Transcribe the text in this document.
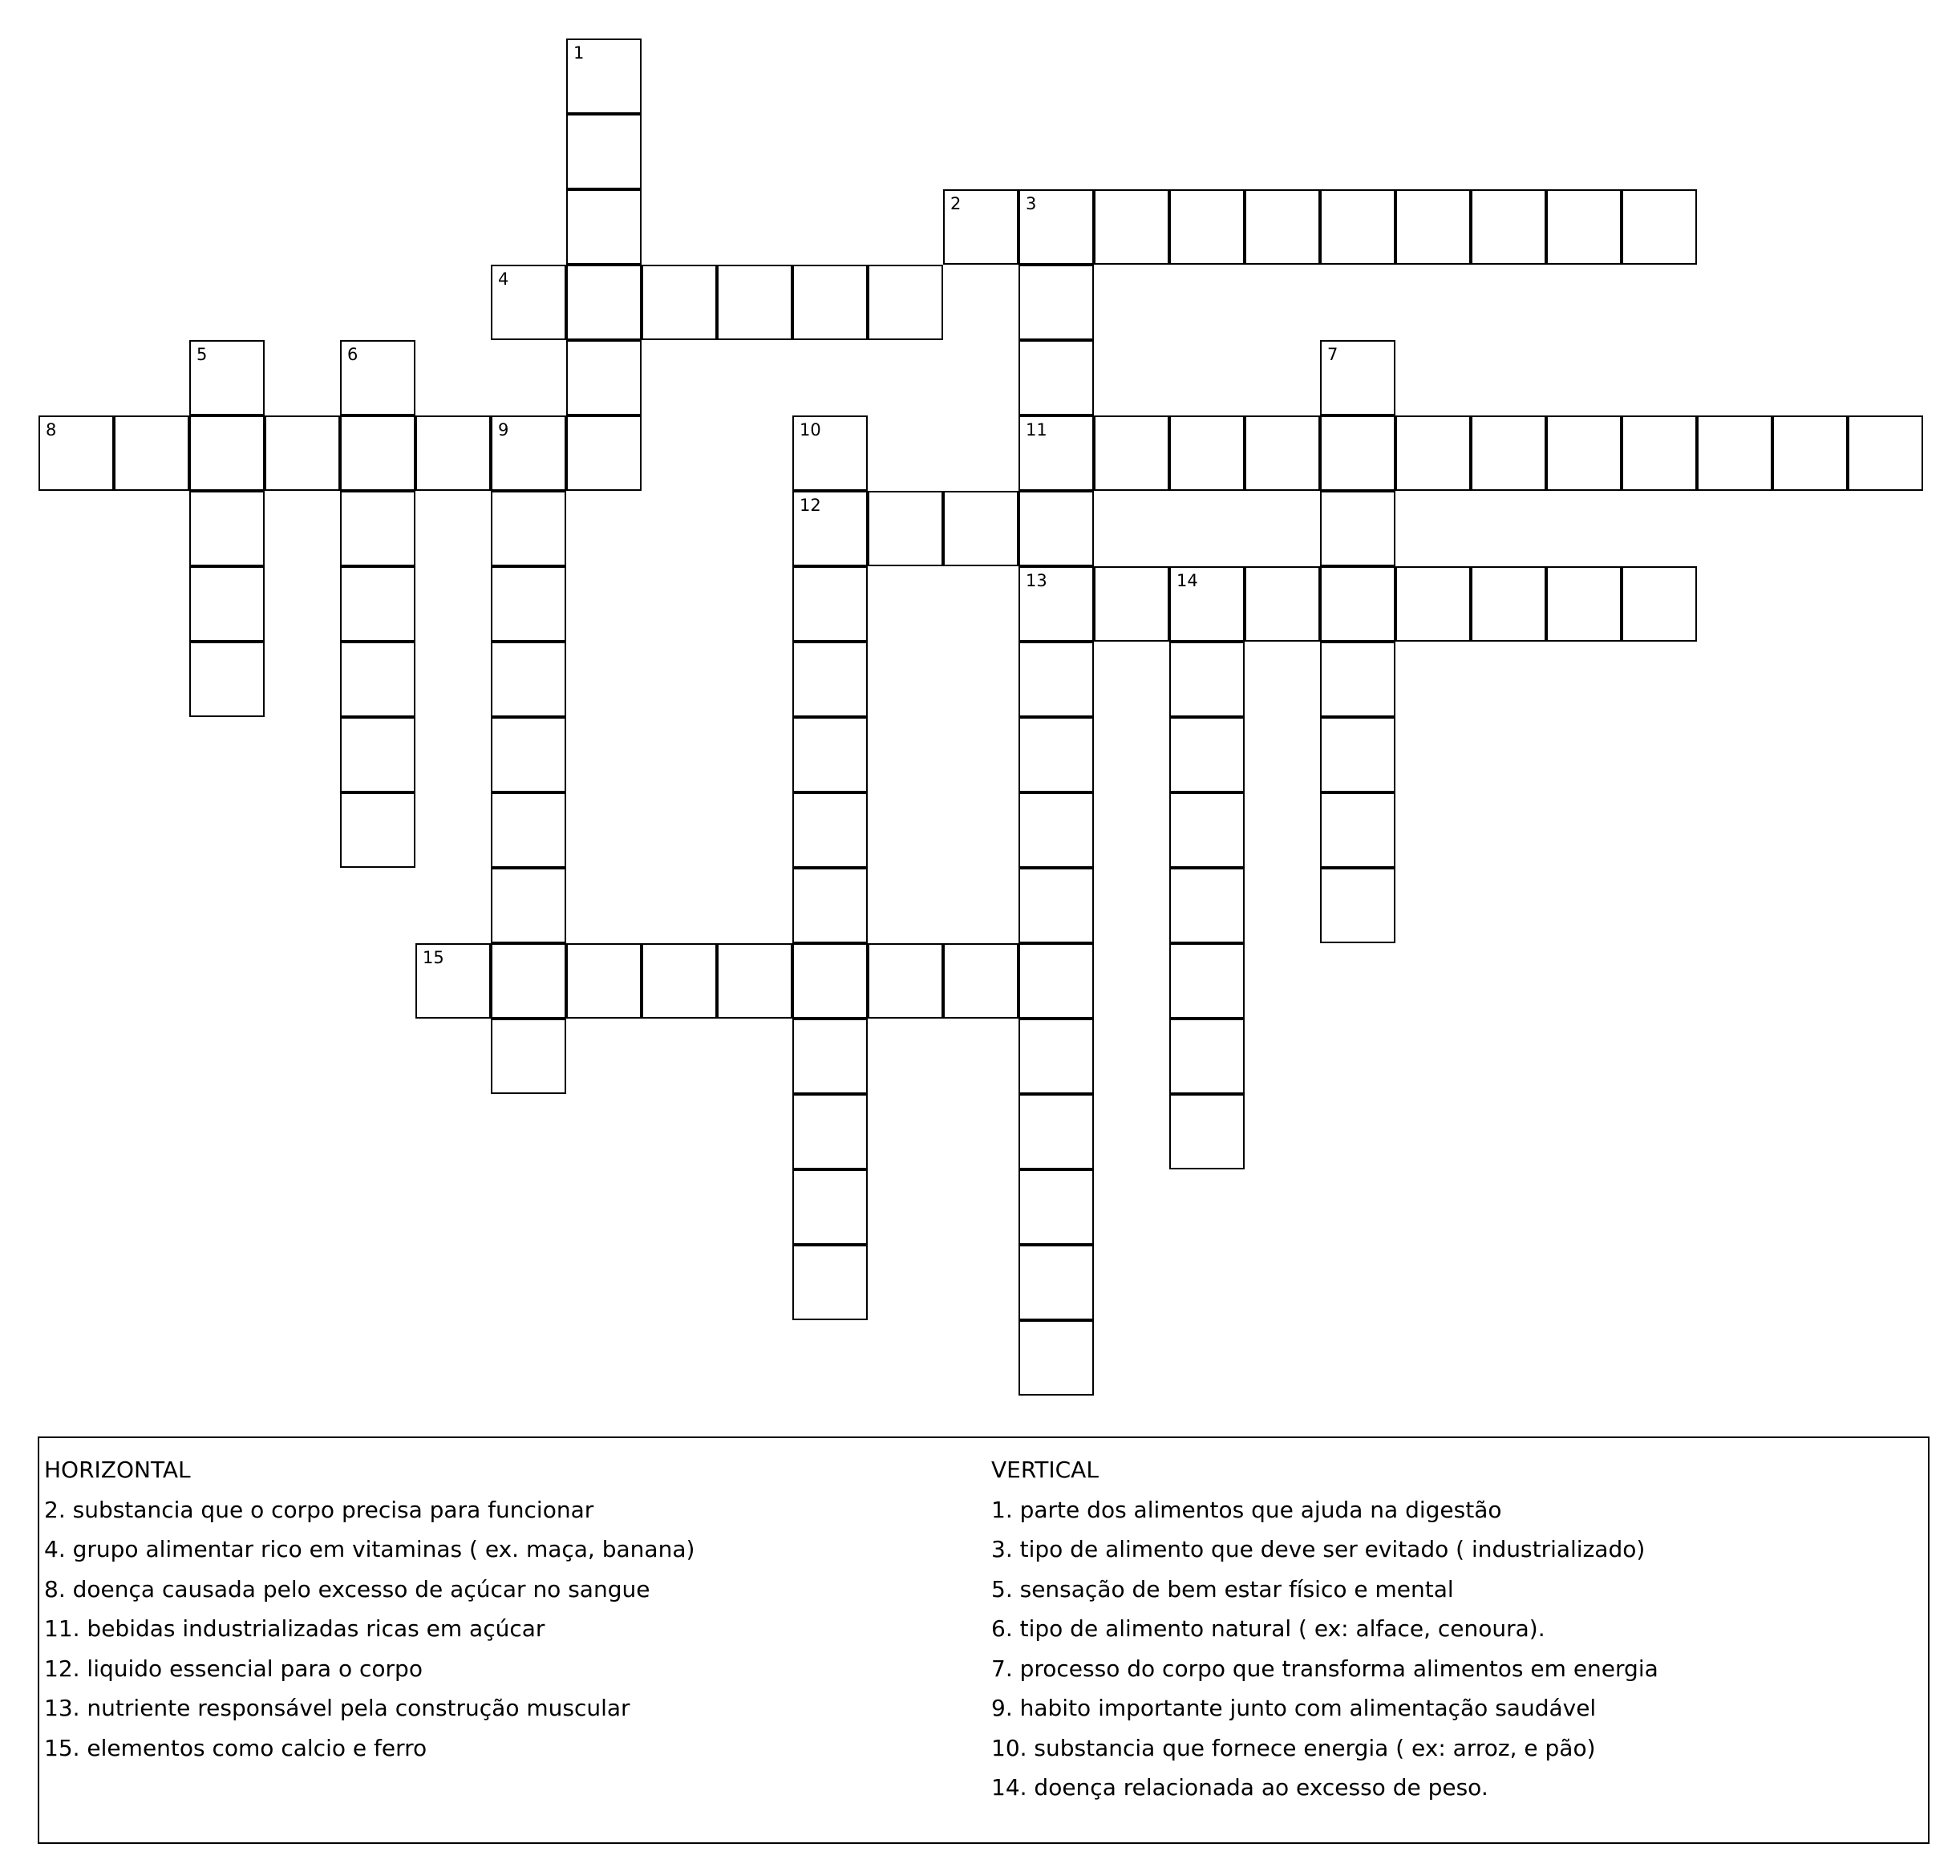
1
2	3
4
5	6	7
8	9	10	11
12
13	14
15

HORIZONTAL

2. substancia que o corpo precisa para funcionar

4. grupo alimentar rico em vitaminas ( ex. maça, banana)

8. doença causada pelo excesso de açúcar no sangue

11. bebidas industrializadas ricas em açúcar

12. liquido essencial para o corpo

13. nutriente responsável pela construção muscular

15. elementos como calcio e ferro

VERTICAL

1. parte dos alimentos que ajuda na digestão

3. tipo de alimento que deve ser evitado ( industrializado)

5. sensação de bem estar físico e mental

6. tipo de alimento natural ( ex: alface, cenoura).

7. processo do corpo que transforma alimentos em energia

9. habito importante junto com alimentação saudável

10. substancia que fornece energia ( ex: arroz, e pão)

14. doença relacionada ao excesso de peso.
